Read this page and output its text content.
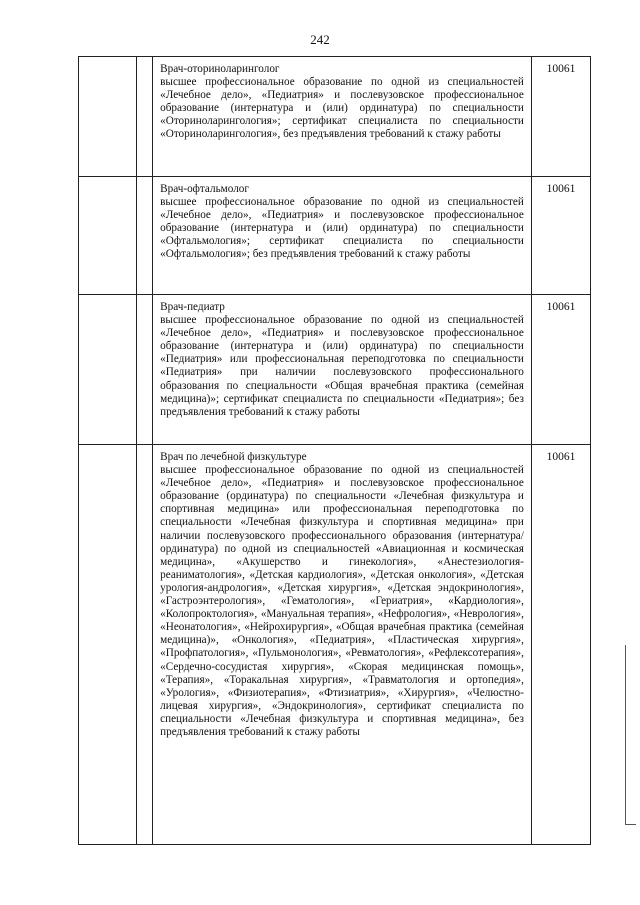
242

		Врач-оториноларинголог
высшее профессиональное образование по одной из специальностей «Лечебное дело», «Педиатрия» и послевузовское профессиональное образование (интернатура и (или) ординатура) по специальности «Оториноларингология»; сертификат специалиста по специальности «Оториноларингология», без предъявления требований к стажу работы	10061

		Врач-офтальмолог
высшее профессиональное образование по одной из специальностей «Лечебное дело», «Педиатрия» и послевузовское профессиональное образование (интернатура и (или) ординатура) по специальности «Офтальмология»; сертификат специалиста по специальности «Офтальмология»; без предъявления требований к стажу работы	10061

		Врач-педиатр
высшее профессиональное образование по одной из специальностей «Лечебное дело», «Педиатрия» и послевузовское профессиональное образование (интернатура и (или) ординатура) по специальности «Педиатрия» или профессиональная переподготовка по специальности «Педиатрия» при наличии послевузовского профессионального образования по специальности «Общая врачебная практика (семейная медицина)»; сертификат специалиста по специальности «Педиатрия»; без предъявления требований к стажу работы	10061

		Врач по лечебной физкультуре
высшее профессиональное образование по одной из специальностей «Лечебное дело», «Педиатрия» и послевузовское профессиональное образование (ординатура) по специальности «Лечебная физкультура и спортивная медицина» или профессиональная переподготовка по специальности «Лечебная физкультура и спортивная медицина» при наличии послевузовского профессионального образования (интернатура/ординатура) по одной из специальностей «Авиационная и космическая медицина», «Акушерство и гинекология», «Анестезиология-реаниматология», «Детская кардиология», «Детская онкология», «Детская урология-андрология», «Детская хирургия», «Детская эндокринология», «Гастроэнтерология», «Гематология», «Гериатрия», «Кардиология», «Колопроктология», «Мануальная терапия», «Нефрология», «Неврология», «Неонатология», «Нейрохирургия», «Общая врачебная практика (семейная медицина)», «Онкология», «Педиатрия», «Пластическая хирургия», «Профпатология», «Пульмонология», «Ревматология», «Рефлексотерапия», «Сердечно-сосудистая хирургия», «Скорая медицинская помощь», «Терапия», «Торакальная хирургия», «Травматология и ортопедия», «Урология», «Физиотерапия», «Фтизиатрия», «Хирургия», «Челюстно-лицевая хирургия», «Эндокринология», сертификат специалиста по специальности «Лечебная физкультура и спортивная медицина», без предъявления требований к стажу работы	10061
